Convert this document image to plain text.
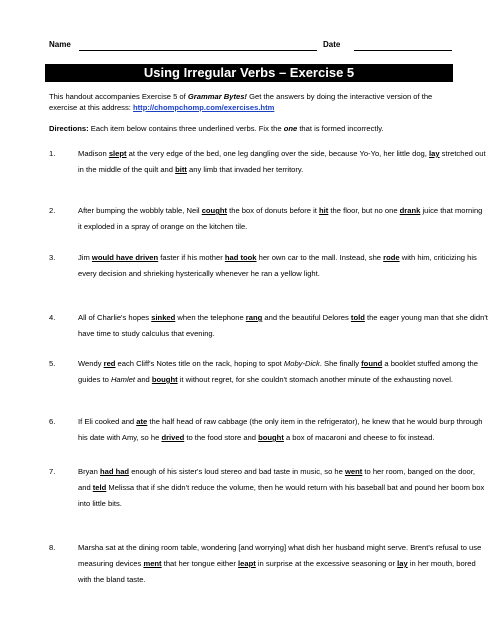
Name	Date
Using Irregular Verbs – Exercise 5
This handout accompanies Exercise 5 of Grammar Bytes! Get the answers by doing the interactive version of the exercise at this address: http://chompchomp.com/exercises.htm
Directions: Each item below contains three underlined verbs. Fix the one that is formed incorrectly.
1.	Madison slept at the very edge of the bed, one leg dangling over the side, because Yo-Yo, her little dog, lay stretched out in the middle of the quilt and bitt any limb that invaded her territory.
2.	After bumping the wobbly table, Neil cought the box of donuts before it hit the floor, but no one drank juice that morning it exploded in a spray of orange on the kitchen tile.
3.	Jim would have driven faster if his mother had took her own car to the mall. Instead, she rode with him, criticizing his every decision and shrieking hysterically whenever he ran a yellow light.
4.	All of Charlie's hopes sinked when the telephone rang and the beautiful Delores told the eager young man that she didn't have time to study calculus that evening.
5.	Wendy red each Cliff's Notes title on the rack, hoping to spot Moby-Dick. She finally found a booklet stuffed among the guides to Hamlet and bought it without regret, for she couldn't stomach another minute of the exhausting novel.
6.	If Eli cooked and ate the half head of raw cabbage (the only item in the refrigerator), he knew that he would burp through his date with Amy, so he drived to the food store and bought a box of macaroni and cheese to fix instead.
7.	Bryan had had enough of his sister's loud stereo and bad taste in music, so he went to her room, banged on the door, and teld Melissa that if she didn't reduce the volume, then he would return with his baseball bat and pound her boom box into little bits.
8.	Marsha sat at the dining room table, wondering [and worrying] what dish her husband might serve. Brent's refusal to use measuring devices ment that her tongue either leapt in surprise at the excessive seasoning or lay in her mouth, bored with the bland taste.
